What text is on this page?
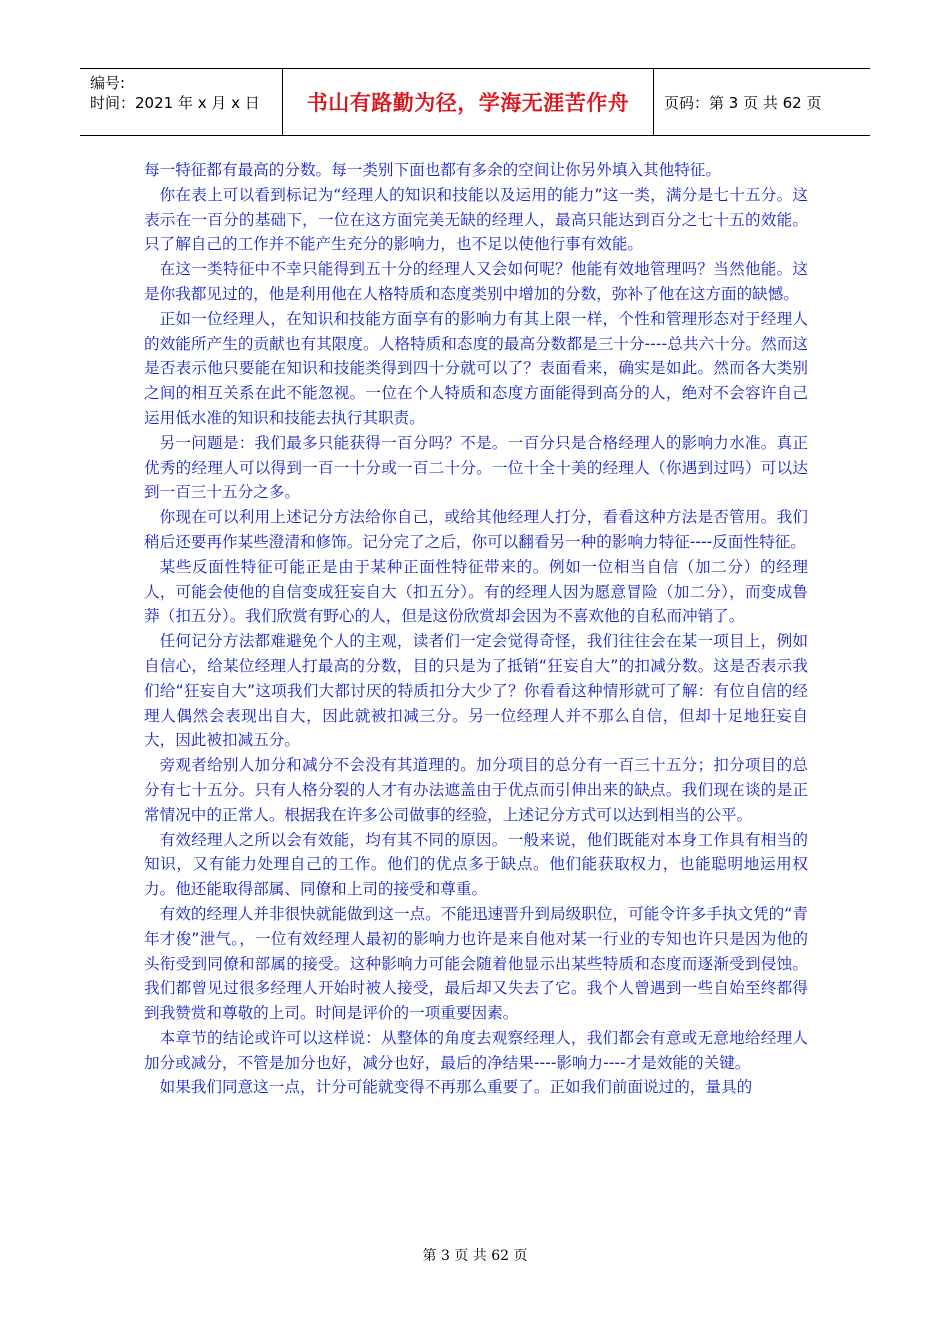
编号:
时间：2021 年 x 月 x 日	书山有路勤为径，学海无涯苦作舟	页码：第 3 页 共 62 页

每一特征都有最高的分数。每一类别下面也都有多余的空间让你另外填入其他特征。

你在表上可以看到标记为“经理人的知识和技能以及运用的能力”这一类，满分是七十五分。这表示在一百分的基础下，一位在这方面完美无缺的经理人，最高只能达到百分之七十五的效能。只了解自己的工作并不能产生充分的影响力，也不足以使他行事有效能。

在这一类特征中不幸只能得到五十分的经理人又会如何呢？他能有效地管理吗？当然他能。这是你我都见过的，他是利用他在人格特质和态度类别中增加的分数，弥补了他在这方面的缺憾。

正如一位经理人，在知识和技能方面享有的影响力有其上限一样，个性和管理形态对于经理人的效能所产生的贡献也有其限度。人格特质和态度的最高分数都是三十分----总共六十分。然而这是否表示他只要能在知识和技能类得到四十分就可以了？表面看来，确实是如此。然而各大类别之间的相互关系在此不能忽视。一位在个人特质和态度方面能得到高分的人，绝对不会容许自己运用低水准的知识和技能去执行其职责。

另一问题是：我们最多只能获得一百分吗？不是。一百分只是合格经理人的影响力水准。真正优秀的经理人可以得到一百一十分或一百二十分。一位十全十美的经理人（你遇到过吗）可以达到一百三十五分之多。

你现在可以利用上述记分方法给你自己，或给其他经理人打分，看看这种方法是否管用。我们稍后还要再作某些澄清和修饰。记分完了之后，你可以翻看另一种的影响力特征----反面性特征。

某些反面性特征可能正是由于某种正面性特征带来的。例如一位相当自信（加二分）的经理人，可能会使他的自信变成狂妄自大（扣五分）。有的经理人因为愿意冒险（加二分），而变成鲁莽（扣五分）。我们欣赏有野心的人，但是这份欣赏却会因为不喜欢他的自私而冲销了。

任何记分方法都难避免个人的主观，读者们一定会觉得奇怪，我们往往会在某一项目上，例如自信心，给某位经理人打最高的分数，目的只是为了抵销“狂妄自大”的扣减分数。这是否表示我们给“狂妄自大”这项我们大都讨厌的特质扣分大少了？你看看这种情形就可了解：有位自信的经理人偶然会表现出自大，因此就被扣减三分。另一位经理人并不那么自信，但却十足地狂妄自大，因此被扣减五分。

旁观者给别人加分和减分不会没有其道理的。加分项目的总分有一百三十五分；扣分项目的总分有七十五分。只有人格分裂的人才有办法遮盖由于优点而引伸出来的缺点。我们现在谈的是正常情况中的正常人。根据我在许多公司做事的经验，上述记分方式可以达到相当的公平。

有效经理人之所以会有效能，均有其不同的原因。一般来说，他们既能对本身工作具有相当的知识，又有能力处理自己的工作。他们的优点多于缺点。他们能获取权力，也能聪明地运用权力。他还能取得部属、同僚和上司的接受和尊重。

有效的经理人并非很快就能做到这一点。不能迅速晋升到局级职位，可能令许多手执文凭的“青年才俊”泄气。，一位有效经理人最初的影响力也许是来自他对某一行业的专知也许只是因为他的头衔受到同僚和部属的接受。这种影响力可能会随着他显示出某些特质和态度而逐渐受到侵蚀。我们都曾见过很多经理人开始时被人接受，最后却又失去了它。我个人曾遇到一些自始至终都得到我赞赏和尊敬的上司。时间是评价的一项重要因素。

本章节的结论或许可以这样说：从整体的角度去观察经理人，我们都会有意或无意地给经理人加分或减分，不管是加分也好，减分也好，最后的净结果----影响力----才是效能的关键。

如果我们同意这一点，计分可能就变得不再那么重要了。正如我们前面说过的，量具的

第 3 页 共 62 页
